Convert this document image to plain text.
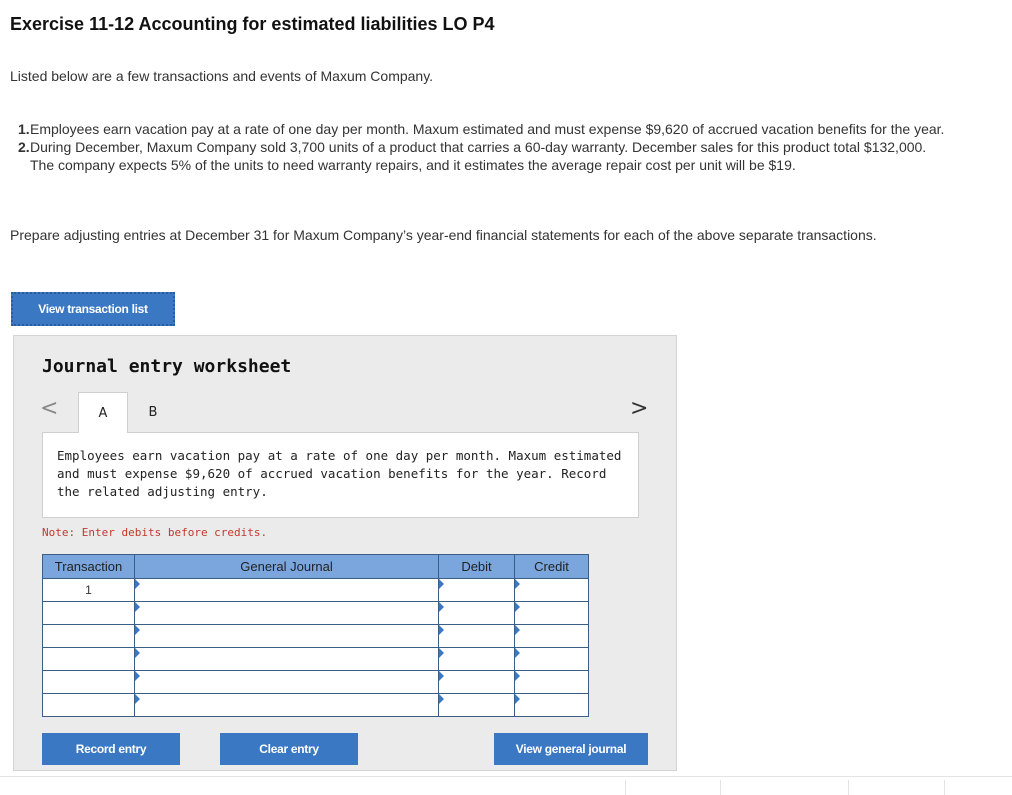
Exercise 11-12 Accounting for estimated liabilities LO P4
Listed below are a few transactions and events of Maxum Company.
1. Employees earn vacation pay at a rate of one day per month. Maxum estimated and must expense $9,620 of accrued vacation benefits for the year.
2. During December, Maxum Company sold 3,700 units of a product that carries a 60-day warranty. December sales for this product total $132,000. The company expects 5% of the units to need warranty repairs, and it estimates the average repair cost per unit will be $19.
Prepare adjusting entries at December 31 for Maxum Company’s year-end financial statements for each of the above separate transactions.
View transaction list
Journal entry worksheet
<	A	B	>
Employees earn vacation pay at a rate of one day per month. Maxum estimated and must expense $9,620 of accrued vacation benefits for the year. Record the related adjusting entry.
Note: Enter debits before credits.
Transaction	General Journal	Debit	Credit
1	

Record entry	Clear entry	View general journal
